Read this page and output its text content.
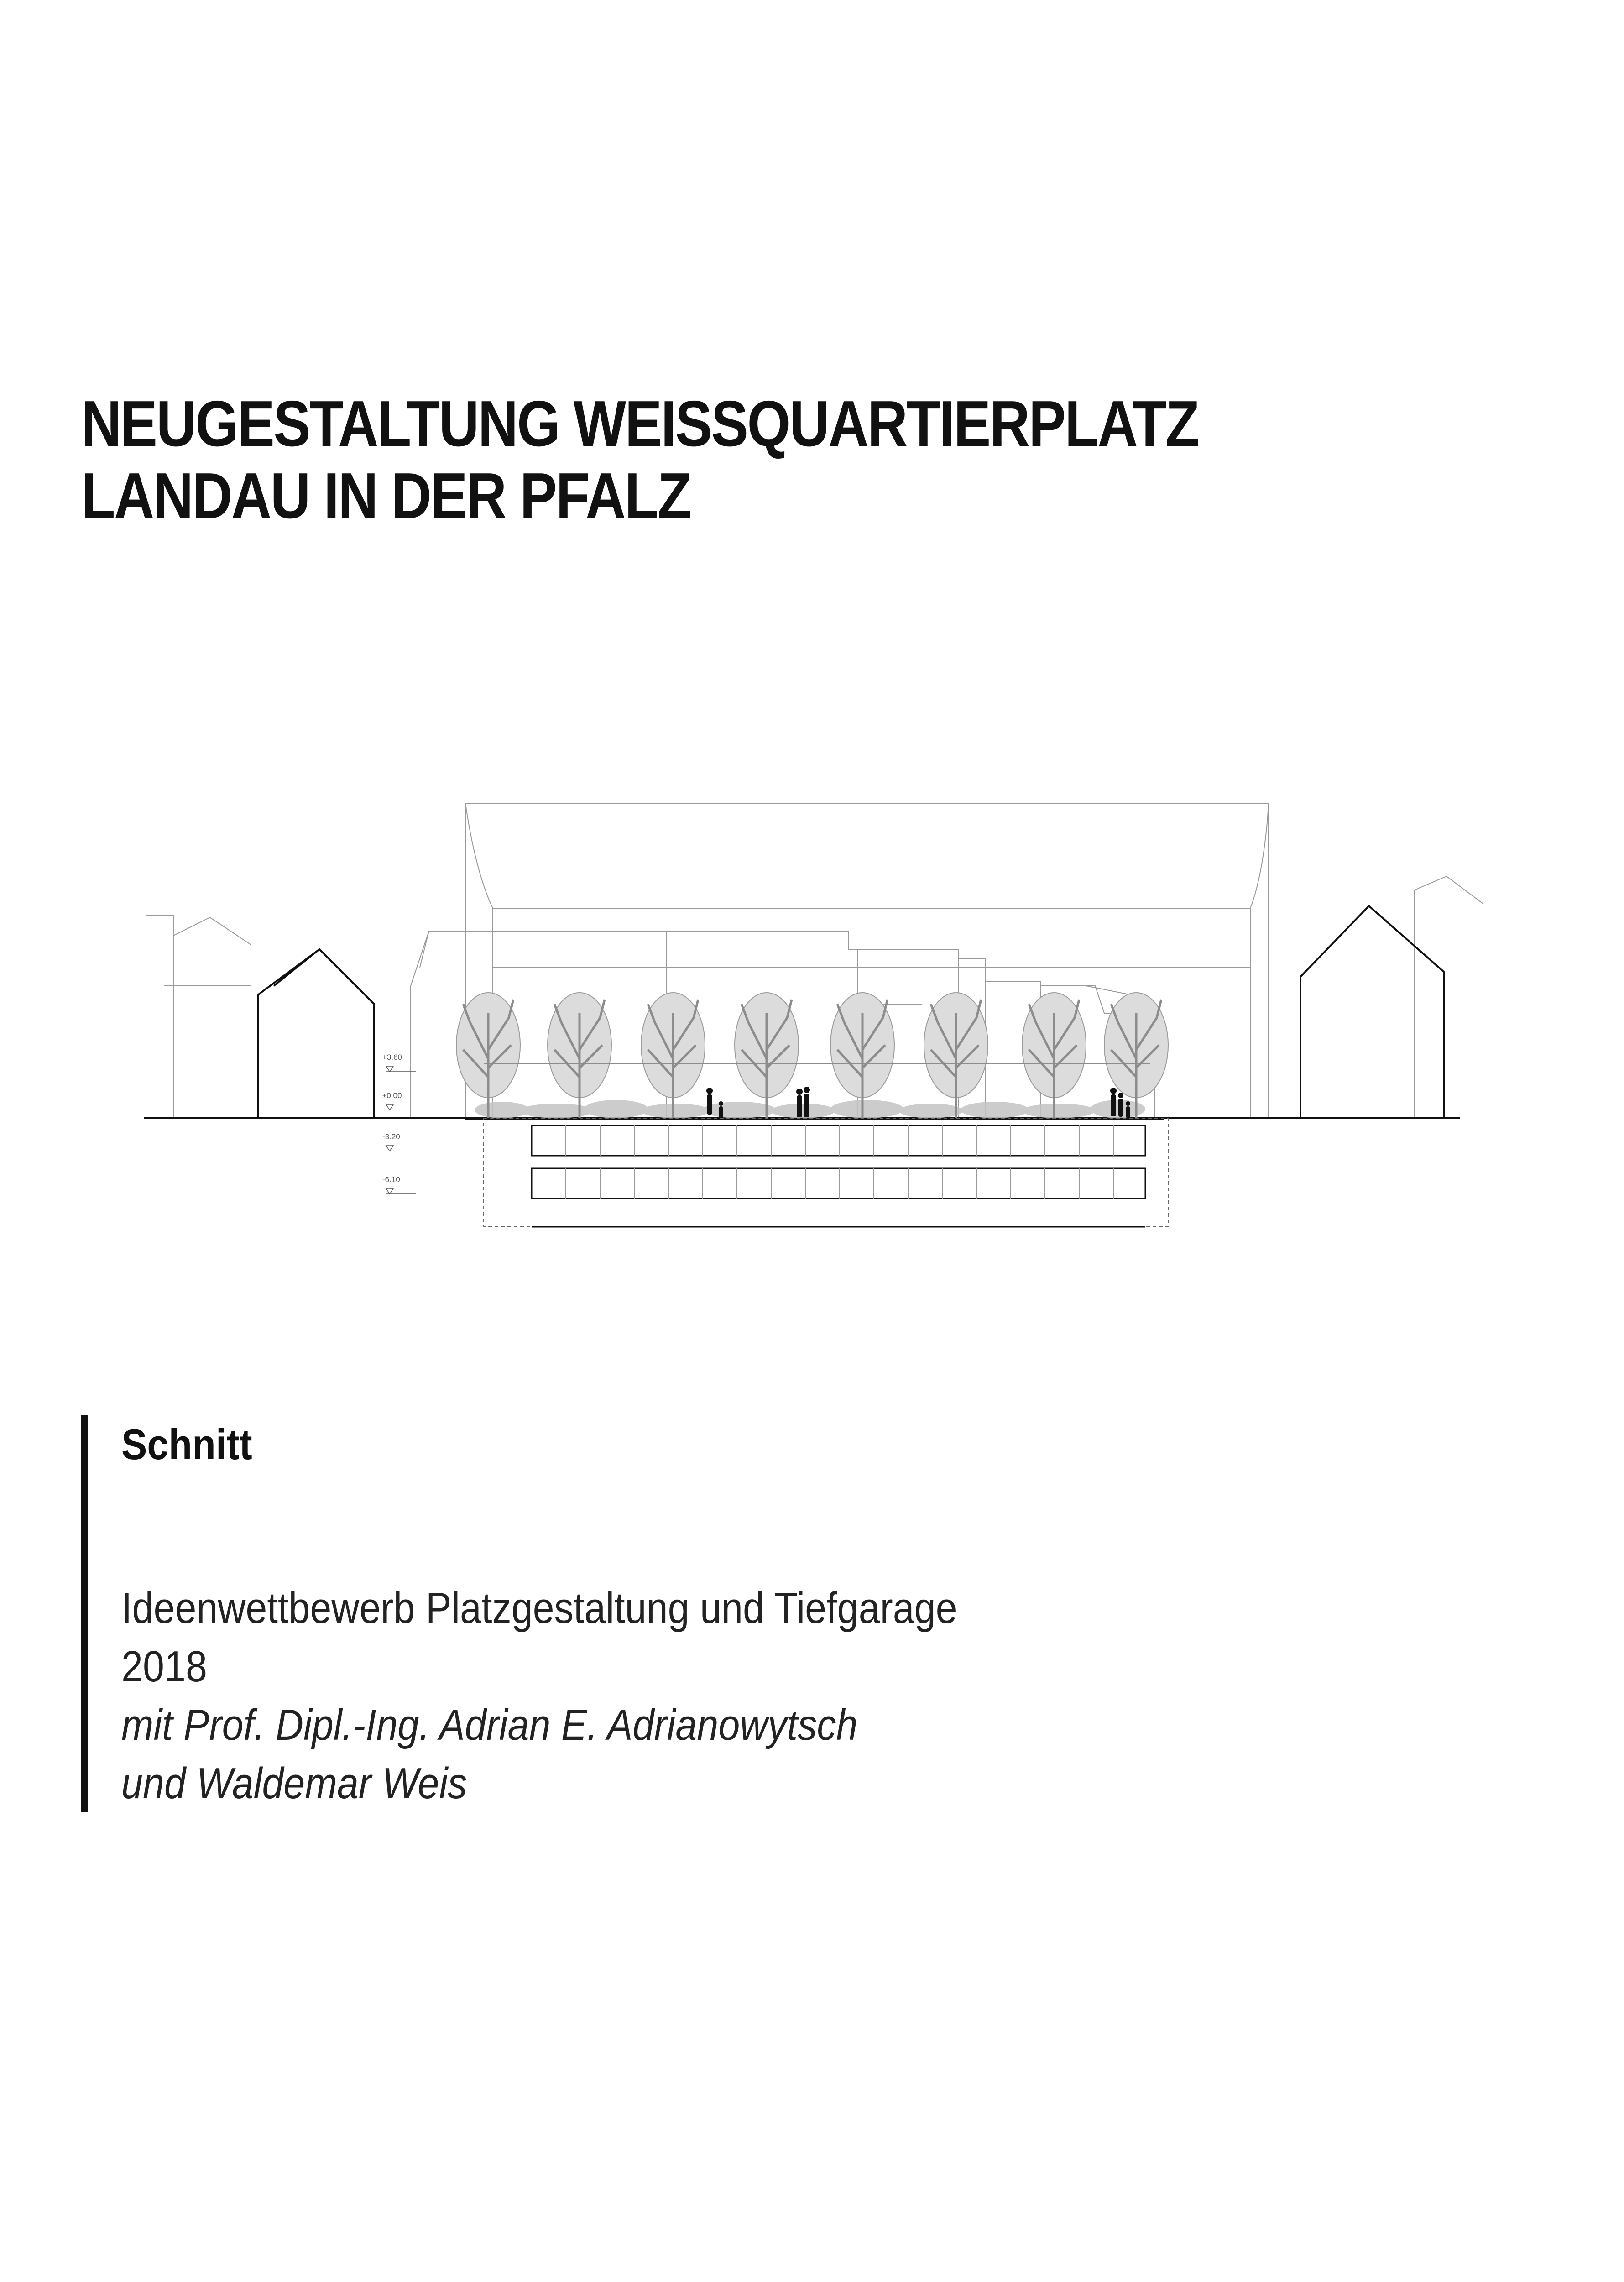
NEUGESTALTUNG WEISSQUARTIERPLATZ
LANDAU IN DER PFALZ
+3.60
±0.00
-3.20
-6.10
Schnitt
Ideenwettbewerb Platzgestaltung und Tiefgarage
2018
mit Prof. Dipl.-Ing. Adrian E. Adrianowytsch
und Waldemar Weis
